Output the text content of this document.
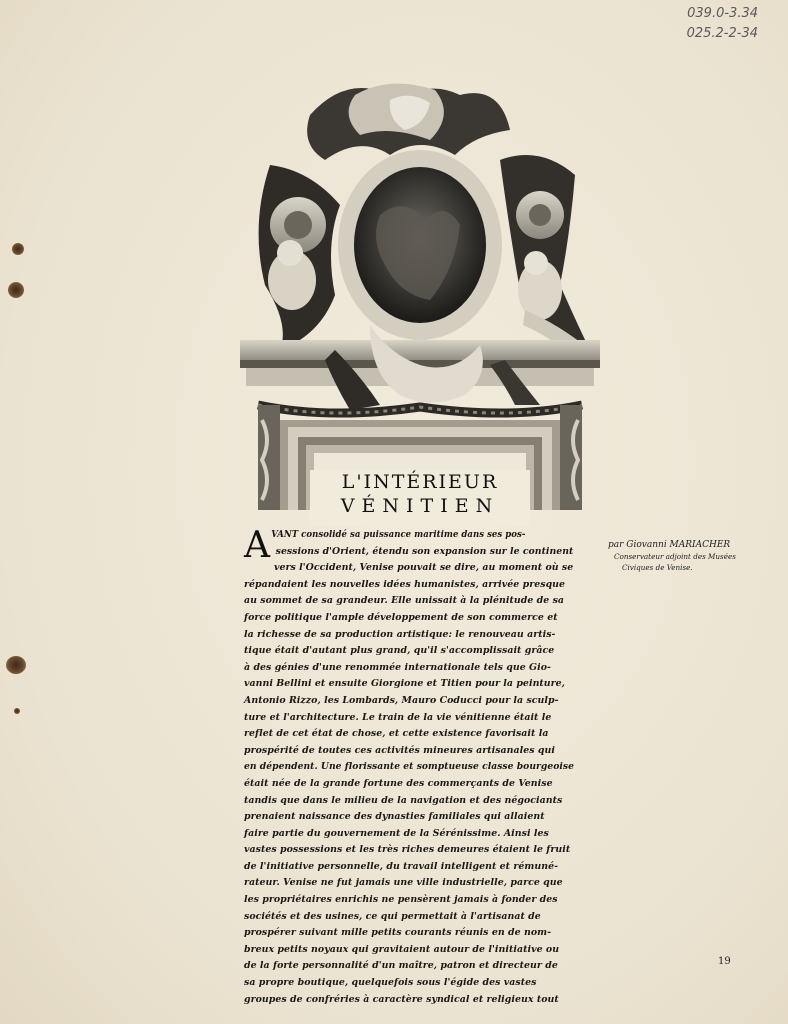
039.0-3.34
025.2-2-34
L'INTÉRIEUR
VÉNITIEN
par Giovanni MARIACHER
Conservateur adjoint des Musées
Civiques de Venise.
A VANT consolidé sa puissance maritime dans ses pos-
sessions d'Orient, étendu son expansion sur le continent
vers l'Occident, Venise pouvait se dire, au moment où se
répandaient les nouvelles idées humanistes, arrivée presque
au sommet de sa grandeur. Elle unissait à la plénitude de sa
force politique l'ample développement de son commerce et
la richesse de sa production artistique: le renouveau artis-
tique était d'autant plus grand, qu'il s'accomplissait grâce
à des génies d'une renommée internationale tels que Gio-
vanni Bellini et ensuite Giorgione et Titien pour la peinture,
Antonio Rizzo, les Lombards, Mauro Coducci pour la sculp-
ture et l'architecture. Le train de la vie vénitienne était le
reflet de cet état de chose, et cette existence favorisait la
prospérité de toutes ces activités mineures artisanales qui
en dépendent. Une florissante et somptueuse classe bourgeoise
était née de la grande fortune des commerçants de Venise
tandis que dans le milieu de la navigation et des négociants
prenaient naissance des dynasties familiales qui allaient
faire partie du gouvernement de la Sérénissime. Ainsi les
vastes possessions et les très riches demeures étaient le fruit
de l'initiative personnelle, du travail intelligent et rémuné-
rateur. Venise ne fut jamais une ville industrielle, parce que
les propriétaires enrichis ne pensèrent jamais à fonder des
sociétés et des usines, ce qui permettait à l'artisanat de
prospérer suivant mille petits courants réunis en de nom-
breux petits noyaux qui gravitaient autour de l'initiative ou
de la forte personnalité d'un maître, patron et directeur de
sa propre boutique, quelquefois sous l'égide des vastes
groupes de confréries à caractère syndical et religieux tout
19
